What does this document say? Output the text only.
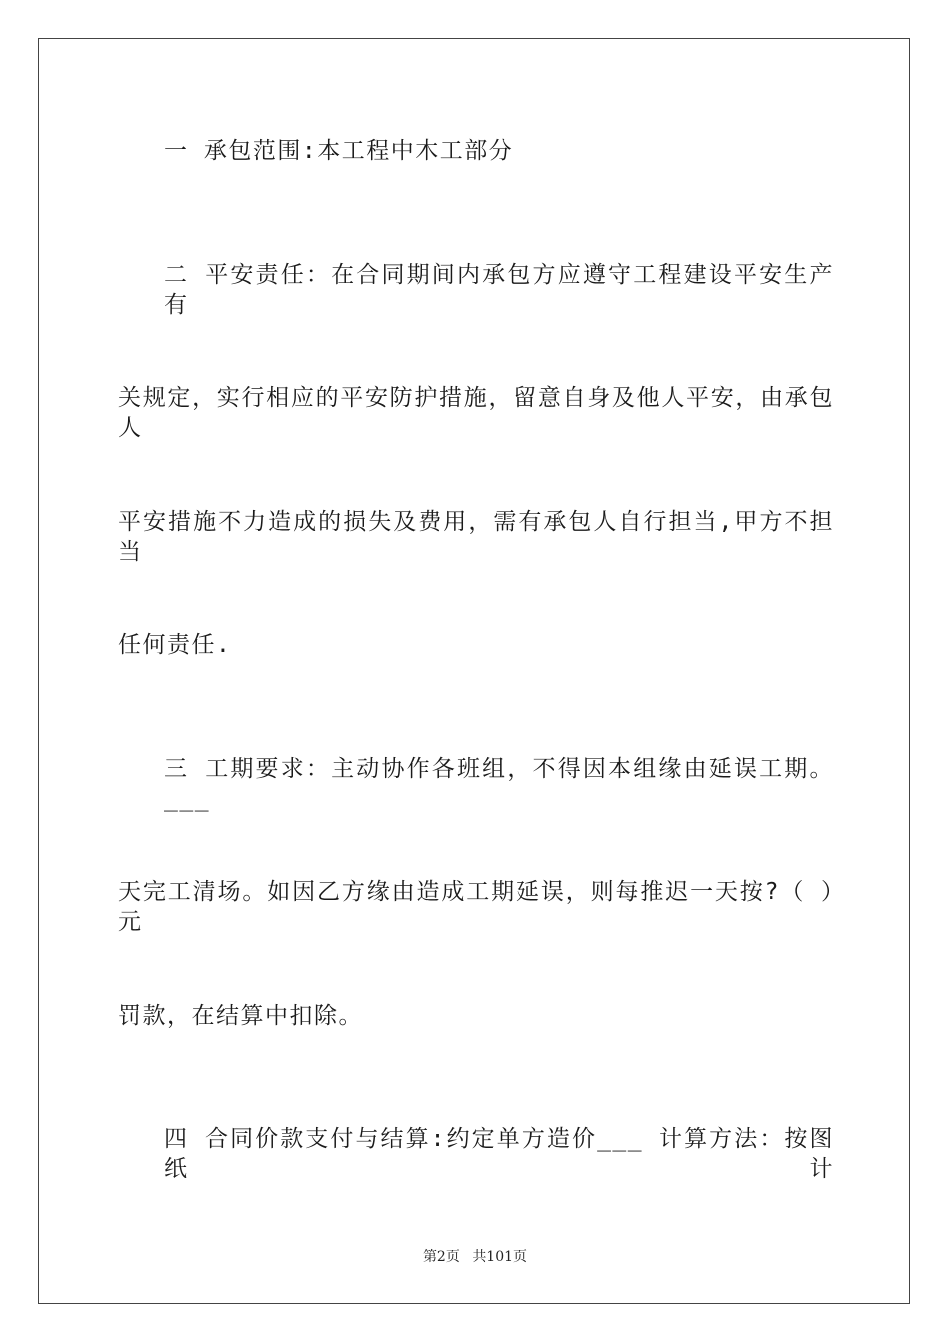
一 承包范围:本工程中木工部分
二 平安责任：在合同期间内承包方应遵守工程建设平安生产有
关规定，实行相应的平安防护措施，留意自身及他人平安，由承包人
平安措施不力造成的损失及费用，需有承包人自行担当,甲方不担当
任何责任.
三 工期要求：主动协作各班组，不得因本组缘由延误工期。___
天完工清场。如因乙方缘由造成工期延误，则每推迟一天按?（ ）元
罚款，在结算中扣除。
四 合同价款支付与结算:约定单方造价___ 计算方法：按图纸计
第2页 共101页
